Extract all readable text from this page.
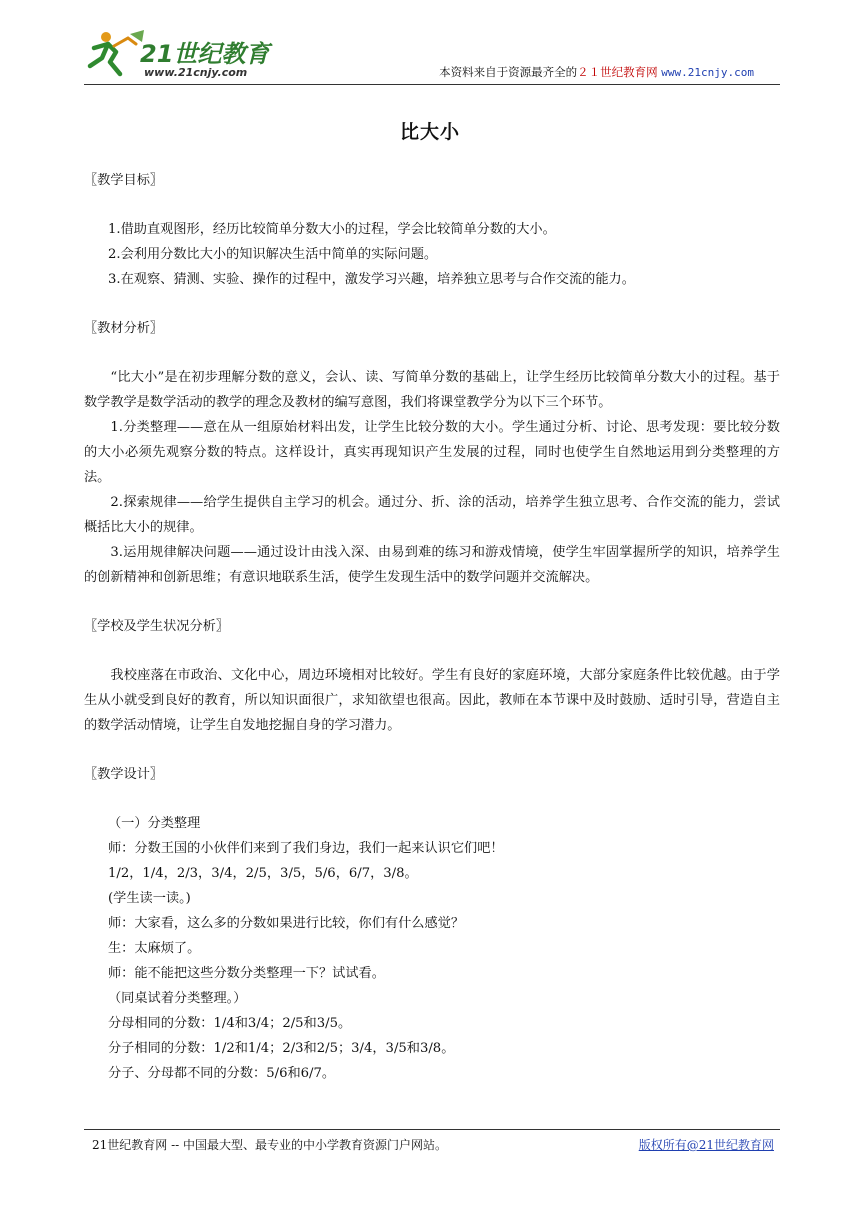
21世纪教育
www.21cnjy.com	本资料来自于资源最齐全的２１世纪教育网 www.21cnjy.com
比大小
〖教学目标〗
1.借助直观图形，经历比较简单分数大小的过程，学会比较简单分数的大小。
2.会利用分数比大小的知识解决生活中简单的实际问题。
3.在观察、猜测、实验、操作的过程中，激发学习兴趣，培养独立思考与合作交流的能力。
〖教材分析〗

“比大小”是在初步理解分数的意义，会认、读、写简单分数的基础上，让学生经历比较简单分数大小的过程。基于数学教学是数学活动的教学的理念及教材的编写意图，我们将课堂教学分为以下三个环节。

1.分类整理——意在从一组原始材料出发，让学生比较分数的大小。学生通过分析、讨论、思考发现：要比较分数的大小必须先观察分数的特点。这样设计，真实再现知识产生发展的过程，同时也使学生自然地运用到分类整理的方法。

2.探索规律——给学生提供自主学习的机会。通过分、折、涂的活动，培养学生独立思考、合作交流的能力，尝试概括比大小的规律。

3.运用规律解决问题——通过设计由浅入深、由易到难的练习和游戏情境，使学生牢固掌握所学的知识，培养学生的创新精神和创新思维；有意识地联系生活，使学生发现生活中的数学问题并交流解决。

〖学校及学生状况分析〗

我校座落在市政治、文化中心，周边环境相对比较好。学生有良好的家庭环境，大部分家庭条件比较优越。由于学生从小就受到良好的教育，所以知识面很广，求知欲望也很高。因此，教师在本节课中及时鼓励、适时引导，营造自主的数学活动情境，让学生自发地挖掘自身的学习潜力。

〖教学设计〗
（一）分类整理
师：分数王国的小伙伴们来到了我们身边，我们一起来认识它们吧！
1/2，1/4，2/3，3/4，2/5，3/5，5/6，6/7，3/8。
(学生读一读。)
师：大家看，这么多的分数如果进行比较，你们有什么感觉？
生：太麻烦了。
师：能不能把这些分数分类整理一下？试试看。
（同桌试着分类整理。）
分母相同的分数：1/4和3/4；2/5和3/5。
分子相同的分数：1/2和1/4；2/3和2/5；3/4，3/5和3/8。
分子、分母都不同的分数：5/6和6/7。
21世纪教育网 -- 中国最大型、最专业的中小学教育资源门户网站。	版权所有@21世纪教育网
